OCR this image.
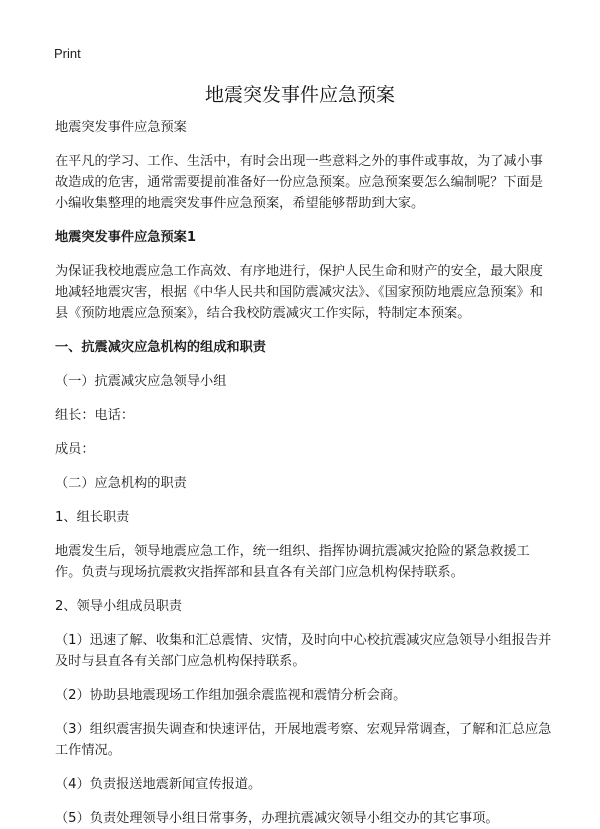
Print
地震突发事件应急预案

地震突发事件应急预案

在平凡的学习、工作、生活中，有时会出现一些意料之外的事件或事故，为了减小事故造成的危害，通常需要提前准备好一份应急预案。应急预案要怎么编制呢？下面是小编收集整理的地震突发事件应急预案，希望能够帮助到大家。

地震突发事件应急预案1

为保证我校地震应急工作高效、有序地进行，保护人民生命和财产的安全，最大限度地减轻地震灾害，根据《中华人民共和国防震减灾法》、《国家预防地震应急预案》和县《预防地震应急预案》，结合我校防震减灾工作实际，特制定本预案。

一、抗震减灾应急机构的组成和职责

（一）抗震减灾应急领导小组

组长：电话：

成员：

（二）应急机构的职责

1、组长职责

地震发生后，领导地震应急工作，统一组织、指挥协调抗震减灾抢险的紧急救援工作。负责与现场抗震救灾指挥部和县直各有关部门应急机构保持联系。

2、领导小组成员职责

（1）迅速了解、收集和汇总震情、灾情，及时向中心校抗震减灾应急领导小组报告并及时与县直各有关部门应急机构保持联系。

（2）协助县地震现场工作组加强余震监视和震情分析会商。

（3）组织震害损失调查和快速评估，开展地震考察、宏观异常调查，了解和汇总应急工作情况。

（4）负责报送地震新闻宣传报道。

（5）负责处理领导小组日常事务，办理抗震减灾领导小组交办的其它事项。
